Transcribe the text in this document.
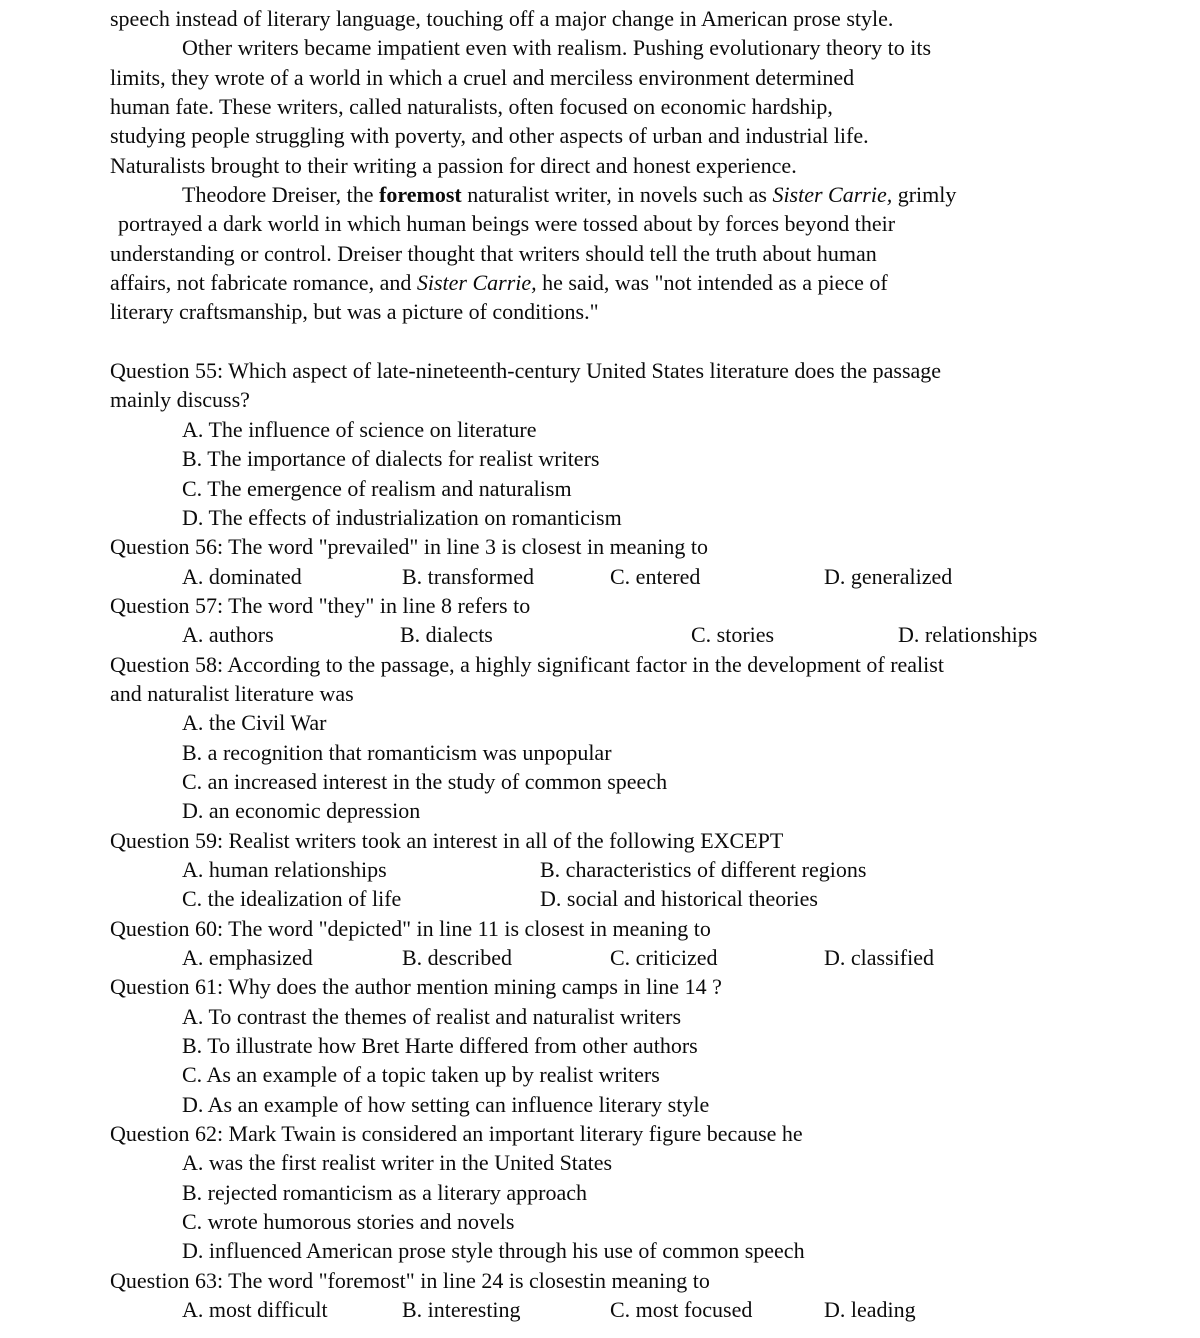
speech instead of literary language, touching off a major change in American prose style.
Other writers became impatient even with realism. Pushing evolutionary theory to its
limits, they wrote of a world in which a cruel and merciless environment determined
human fate. These writers, called naturalists, often focused on economic hardship,
studying people struggling with poverty, and other aspects of urban and industrial life.
Naturalists brought to their writing a passion for direct and honest experience.
Theodore Dreiser, the foremost naturalist writer, in novels such as Sister Carrie, grimly
portrayed a dark world in which human beings were tossed about by forces beyond their
understanding or control. Dreiser thought that writers should tell the truth about human
affairs, not fabricate romance, and Sister Carrie, he said, was "not intended as a piece of
literary craftsmanship, but was a picture of conditions."
Question 55: Which aspect of late-nineteenth-century United States literature does the passage
mainly discuss?
A. The influence of science on literature
B. The importance of dialects for realist writers
C. The emergence of realism and naturalism
D. The effects of industrialization on romanticism
Question 56: The word "prevailed" in line 3 is closest in meaning to
A. dominated	B. transformed	C. entered	D. generalized
Question 57: The word "they" in line 8 refers to
A. authors	B. dialects	C. stories	D. relationships
Question 58: According to the passage, a highly significant factor in the development of realist
and naturalist literature was
A. the Civil War
B. a recognition that romanticism was unpopular
C. an increased interest in the study of common speech
D. an economic depression
Question 59: Realist writers took an interest in all of the following EXCEPT
A. human relationships	B. characteristics of different regions
C. the idealization of life	D. social and historical theories
Question 60: The word "depicted" in line 11 is closest in meaning to
A. emphasized	B. described	C. criticized	D. classified
Question 61: Why does the author mention mining camps in line 14 ?
A. To contrast the themes of realist and naturalist writers
B. To illustrate how Bret Harte differed from other authors
C. As an example of a topic taken up by realist writers
D. As an example of how setting can influence literary style
Question 62: Mark Twain is considered an important literary figure because he
A. was the first realist writer in the United States
B. rejected romanticism as a literary approach
C. wrote humorous stories and novels
D. influenced American prose style through his use of common speech
Question 63: The word "foremost" in line 24 is closestin meaning to
A. most difficult	B. interesting	C. most focused	D. leading
